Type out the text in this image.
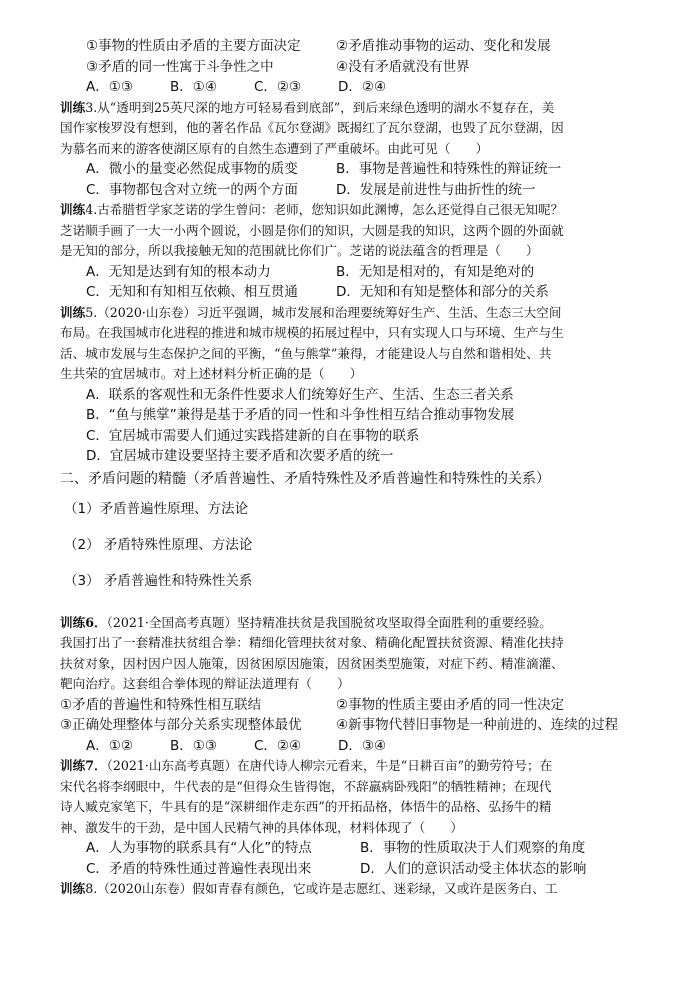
①事物的性质由矛盾的主要方面决定	②矛盾推动事物的运动、变化和发展
③矛盾的同一性寓于斗争性之中	④没有矛盾就没有世界
A．①③	B．①④	C．②③	D．②④
训练3.从“透明到25英尺深的地方可轻易看到底部”，到后来绿色透明的湖水不复存在，美
国作家梭罗没有想到，他的著名作品《瓦尔登湖》既揭红了瓦尔登湖，也毁了瓦尔登湖，因
为慕名而来的游客使湖区原有的自然生态遭到了严重破坏。由此可见（　　）
A．微小的量变必然促成事物的质变	B．事物是普遍性和特殊性的辩证统一
C．事物都包含对立统一的两个方面	D．发展是前进性与曲折性的统一
训练4.古希腊哲学家芝诺的学生曾问：老师，您知识如此渊博，怎么还觉得自己很无知呢？
芝诺顺手画了一大一小两个圆说，小圆是你们的知识，大圆是我的知识，这两个圆的外面就
是无知的部分，所以我接触无知的范围就比你们广。芝诺的说法蕴含的哲理是（　　）
A．无知是达到有知的根本动力	B．无知是相对的，有知是绝对的
C．无知和有知相互依赖、相互贯通	D．无知和有知是整体和部分的关系
训练5.（2020·山东卷）习近平强调，城市发展和治理要统筹好生产、生活、生态三大空间
布局。在我国城市化进程的推进和城市规模的拓展过程中，只有实现人口与环境、生产与生
活、城市发展与生态保护之间的平衡，“鱼与熊掌”兼得，才能建设人与自然和谐相处、共
生共荣的宜居城市。对上述材料分析正确的是（　　）
A．联系的客观性和无条件性要求人们统筹好生产、生活、生态三者关系
B．“鱼与熊掌”兼得是基于矛盾的同一性和斗争性相互结合推动事物发展
C．宜居城市需要人们通过实践搭建新的自在事物的联系
D．宜居城市建设要坚持主要矛盾和次要矛盾的统一
二、矛盾问题的精髓（矛盾普遍性、矛盾特殊性及矛盾普遍性和特殊性的关系）
（1）矛盾普遍性原理、方法论
（2） 矛盾特殊性原理、方法论
（3） 矛盾普遍性和特殊性关系
训练6．（2021·全国高考真题）坚持精准扶贫是我国脱贫攻坚取得全面胜利的重要经验。
我国打出了一套精准扶贫组合拳：精细化管理扶贫对象、精确化配置扶贫资源、精准化扶持
扶贫对象，因村因户因人施策，因贫困原因施策，因贫困类型施策，对症下药、精准滴灌、
靶向治疗。这套组合拳体现的辩证法道理有（　　）
①矛盾的普遍性和特殊性相互联结	②事物的性质主要由矛盾的同一性决定
③正确处理整体与部分关系实现整体最优	④新事物代替旧事物是一种前进的、连续的过程
A．①②	B．①③	C．②④	D．③④
训练7．（2021·山东高考真题）在唐代诗人柳宗元看来，牛是“日耕百亩”的勤劳符号；在
宋代名将李纲眼中，牛代表的是“但得众生皆得饱，不辞羸病卧残阳”的牺牲精神；在现代
诗人臧克家笔下，牛具有的是“深耕细作走东西”的开拓品格，体悟牛的品格、弘扬牛的精
神、激发牛的干劲，是中国人民精气神的具体体现，材料体现了（　　）
A．人为事物的联系具有“人化”的特点	B．事物的性质取决于人们观察的角度
C．矛盾的特殊性通过普遍性表现出来	D．人们的意识活动受主体状态的影响
训练8.（2020山东卷）假如青春有颜色，它或许是志愿红、迷彩绿，又或许是医务白、工
